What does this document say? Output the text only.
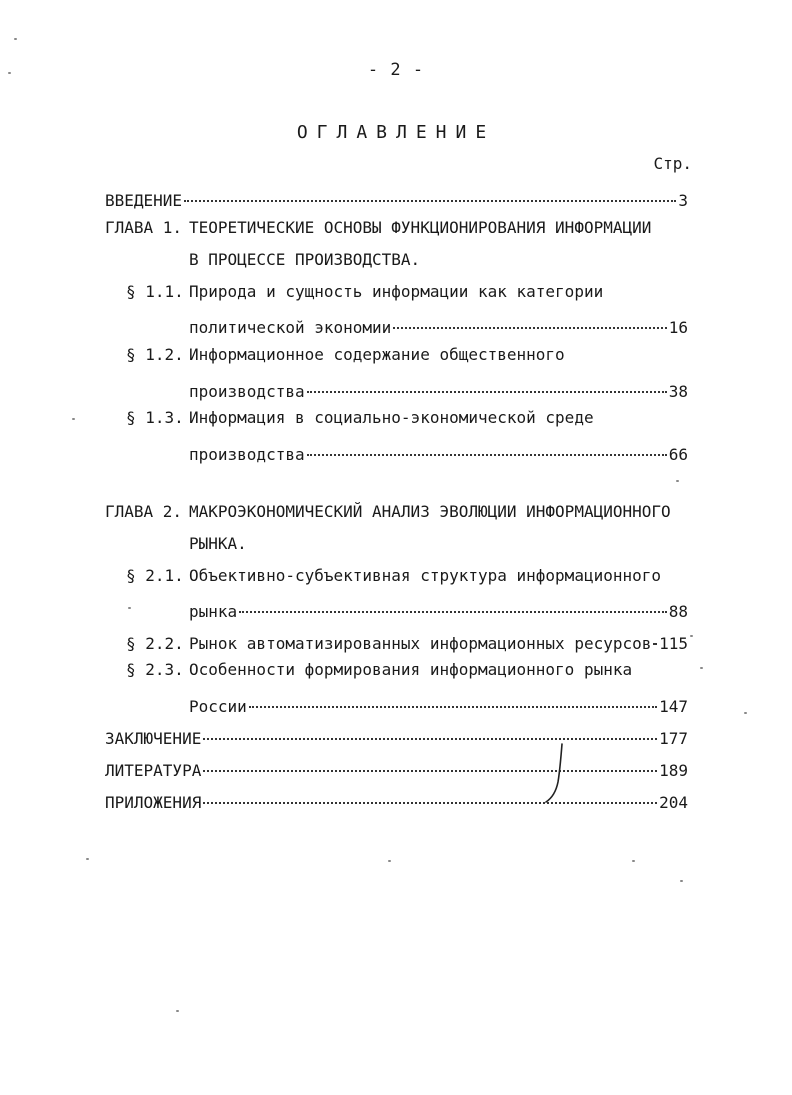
- 2 -
ОГЛАВЛЕНИЕ
Стр.
ВВЕДЕНИЕ	3
ГЛАВА 1. ТЕОРЕТИЧЕСКИЕ ОСНОВЫ ФУНКЦИОНИРОВАНИЯ ИНФОРМАЦИИ
В ПРОЦЕССЕ ПРОИЗВОДСТВА.
§ 1.1. Природа и сущность информации как категории
политической экономии	16
§ 1.2. Информационное содержание общественного
производства	38
§ 1.3. Информация в социально-экономической среде
производства	66
ГЛАВА 2. МАКРОЭКОНОМИЧЕСКИЙ АНАЛИЗ ЭВОЛЮЦИИ ИНФОРМАЦИОННОГО
РЫНКА.
§ 2.1. Объективно-субъективная структура информационного
рынка	88
§ 2.2. Рынок автоматизированных информационных ресурсов 115
§ 2.3. Особенности формирования информационного рынка
России	147
ЗАКЛЮЧЕНИЕ	177
ЛИТЕРАТУРА	189
ПРИЛОЖЕНИЯ	204
